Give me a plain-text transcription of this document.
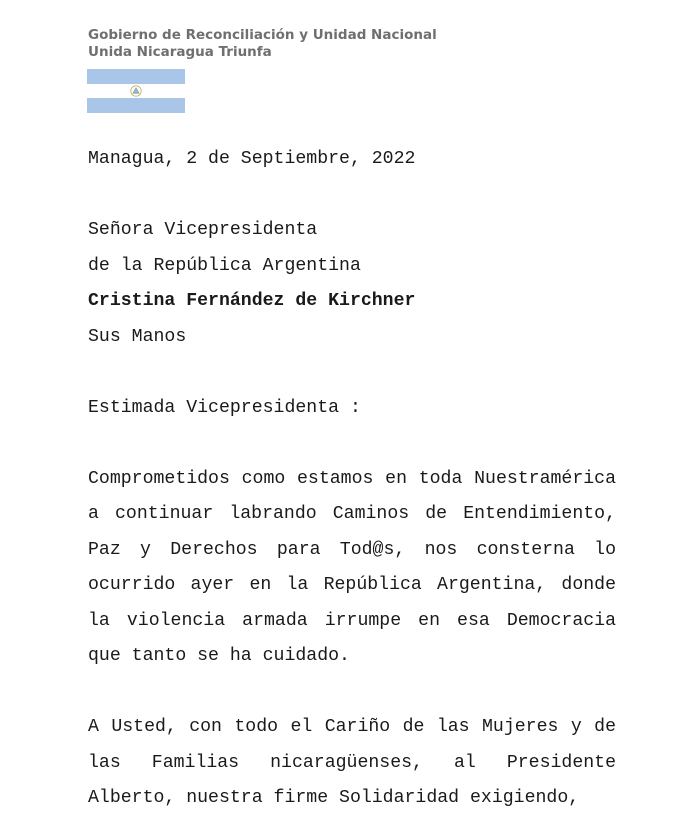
Gobierno de Reconciliación y Unidad Nacional
Unida Nicaragua Triunfa
Managua, 2 de Septiembre, 2022
Señora Vicepresidenta
de la República Argentina
Cristina Fernández de Kirchner
Sus Manos
Estimada Vicepresidenta :
Comprometidos como estamos en toda Nuestramérica a continuar labrando Caminos de Entendimiento, Paz y Derechos para Tod@s, nos consterna lo ocurrido ayer en la República Argentina, donde la violencia armada irrumpe en esa Democracia que tanto se ha cuidado.
A Usted, con todo el Cariño de las Mujeres y de las Familias nicaragüenses, al Presidente Alberto, nuestra firme Solidaridad exigiendo,
